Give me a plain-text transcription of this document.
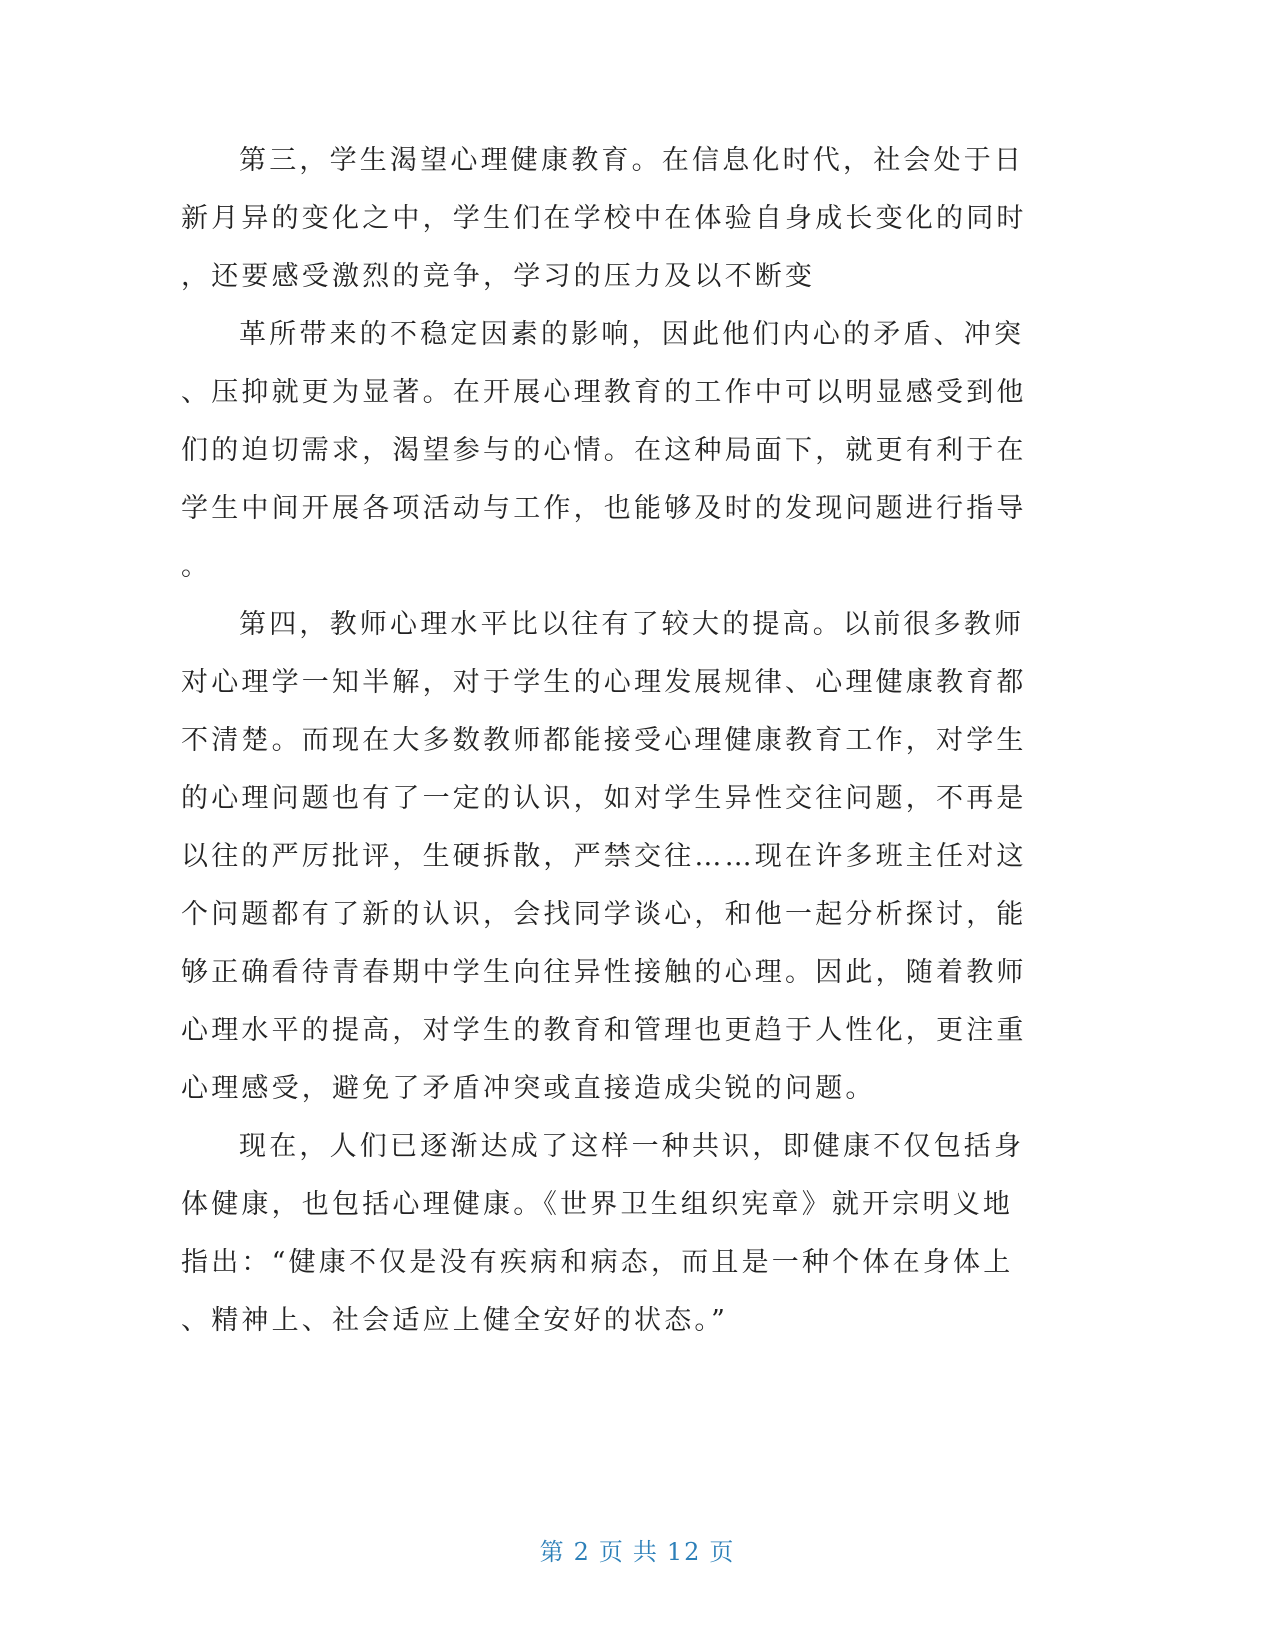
第三，学生渴望心理健康教育。在信息化时代，社会处于日
新月异的变化之中，学生们在学校中在体验自身成长变化的同时
，还要感受激烈的竞争，学习的压力及以不断变
革所带来的不稳定因素的影响，因此他们内心的矛盾、冲突
、压抑就更为显著。在开展心理教育的工作中可以明显感受到他
们的迫切需求，渴望参与的心情。在这种局面下，就更有利于在
学生中间开展各项活动与工作，也能够及时的发现问题进行指导
。
第四，教师心理水平比以往有了较大的提高。以前很多教师
对心理学一知半解，对于学生的心理发展规律、心理健康教育都
不清楚。而现在大多数教师都能接受心理健康教育工作，对学生
的心理问题也有了一定的认识，如对学生异性交往问题，不再是
以往的严厉批评，生硬拆散，严禁交往……现在许多班主任对这
个问题都有了新的认识，会找同学谈心，和他一起分析探讨，能
够正确看待青春期中学生向往异性接触的心理。因此，随着教师
心理水平的提高，对学生的教育和管理也更趋于人性化，更注重
心理感受，避免了矛盾冲突或直接造成尖锐的问题。
现在，人们已逐渐达成了这样一种共识，即健康不仅包括身
体健康，也包括心理健康。《世界卫生组织宪章》就开宗明义地
指出：“健康不仅是没有疾病和病态，而且是一种个体在身体上
、精神上、社会适应上健全安好的状态。”
第 2 页 共 12 页
